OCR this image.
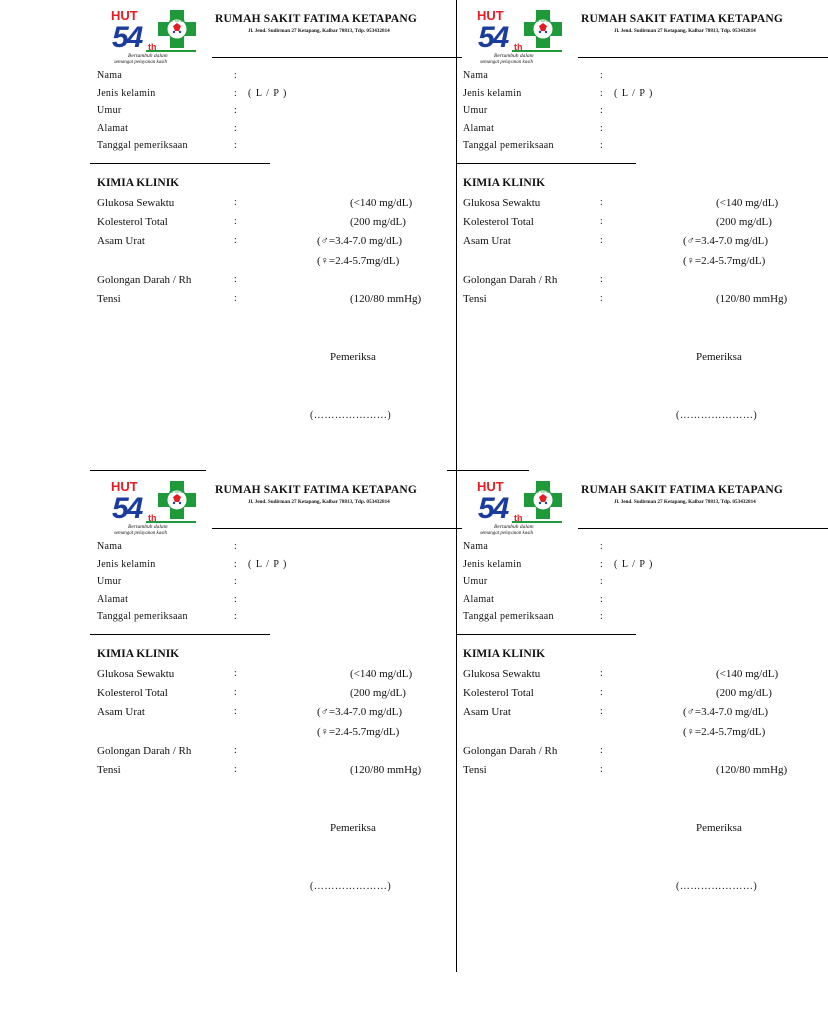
HUT
54 th
RS. FATIMA
Bertumbuh dalam
semangat pelayanan kasih
RUMAH SAKIT FATIMA KETAPANG
Jl. Jend. Sudirman 27 Ketapang, Kalbar 78813, Tdp. 053432814
Nama	:
Jenis kelamin	: ( L / P )
Umur	:
Alamat	:
Tanggal pemeriksaan	:
KIMIA KLINIK
Glukosa Sewaktu	:	(<140 mg/dL)
Kolesterol Total	:	(200 mg/dL)
Asam Urat	:	(♂=3.4-7.0 mg/dL)
(♀=2.4-5.7mg/dL)
Golongan Darah / Rh	:
Tensi	:	(120/80 mmHg)
Pemeriksa
(…………………)
HUT
54 th
RS. FATIMA
Bertumbuh dalam
semangat pelayanan kasih
RUMAH SAKIT FATIMA KETAPANG
Jl. Jend. Sudirman 27 Ketapang, Kalbar 78813, Tdp. 053432814
Nama	:
Jenis kelamin	: ( L / P )
Umur	:
Alamat	:
Tanggal pemeriksaan	:
KIMIA KLINIK
Glukosa Sewaktu	:	(<140 mg/dL)
Kolesterol Total	:	(200 mg/dL)
Asam Urat	:	(♂=3.4-7.0 mg/dL)
(♀=2.4-5.7mg/dL)
Golongan Darah / Rh	:
Tensi	:	(120/80 mmHg)
Pemeriksa
(…………………)
HUT
54 th
RS. FATIMA
Bertumbuh dalam
semangat pelayanan kasih
RUMAH SAKIT FATIMA KETAPANG
Jl. Jend. Sudirman 27 Ketapang, Kalbar 78813, Tdp. 053432814
Nama	:
Jenis kelamin	: ( L / P )
Umur	:
Alamat	:
Tanggal pemeriksaan	:
KIMIA KLINIK
Glukosa Sewaktu	:	(<140 mg/dL)
Kolesterol Total	:	(200 mg/dL)
Asam Urat	:	(♂=3.4-7.0 mg/dL)
(♀=2.4-5.7mg/dL)
Golongan Darah / Rh	:
Tensi	:	(120/80 mmHg)
Pemeriksa
(…………………)
HUT
54 th
RS. FATIMA
Bertumbuh dalam
semangat pelayanan kasih
RUMAH SAKIT FATIMA KETAPANG
Jl. Jend. Sudirman 27 Ketapang, Kalbar 78813, Tdp. 053432814
Nama	:
Jenis kelamin	: ( L / P )
Umur	:
Alamat	:
Tanggal pemeriksaan	:
KIMIA KLINIK
Glukosa Sewaktu	:	(<140 mg/dL)
Kolesterol Total	:	(200 mg/dL)
Asam Urat	:	(♂=3.4-7.0 mg/dL)
(♀=2.4-5.7mg/dL)
Golongan Darah / Rh	:
Tensi	:	(120/80 mmHg)
Pemeriksa
(…………………)
